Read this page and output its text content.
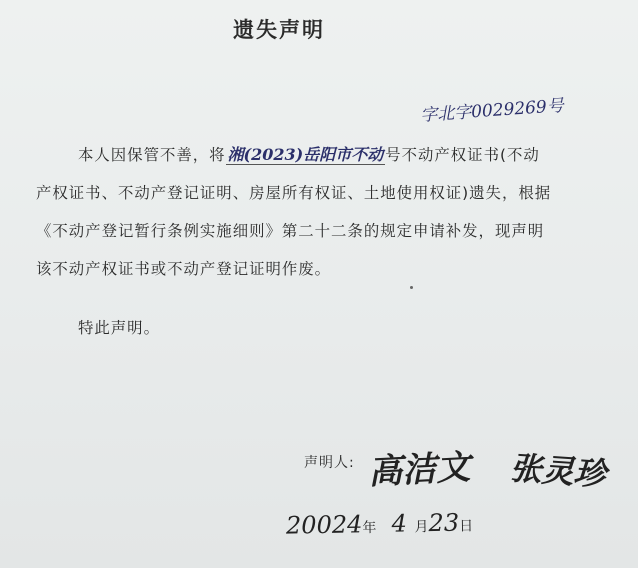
遗失声明
字北字0029269号
本人因保管不善，将 湘(2023)岳阳市不动 号不动产权证书(不动产权证书、不动产登记证明、房屋所有权证、土地使用权证)遗失，根据《不动产登记暂行条例实施细则》第二十二条的规定申请补发，现声明该不动产权证书或不动产登记证明作废。
特此声明。
声明人: 高洁文 张灵珍
20024年 4 月23日
